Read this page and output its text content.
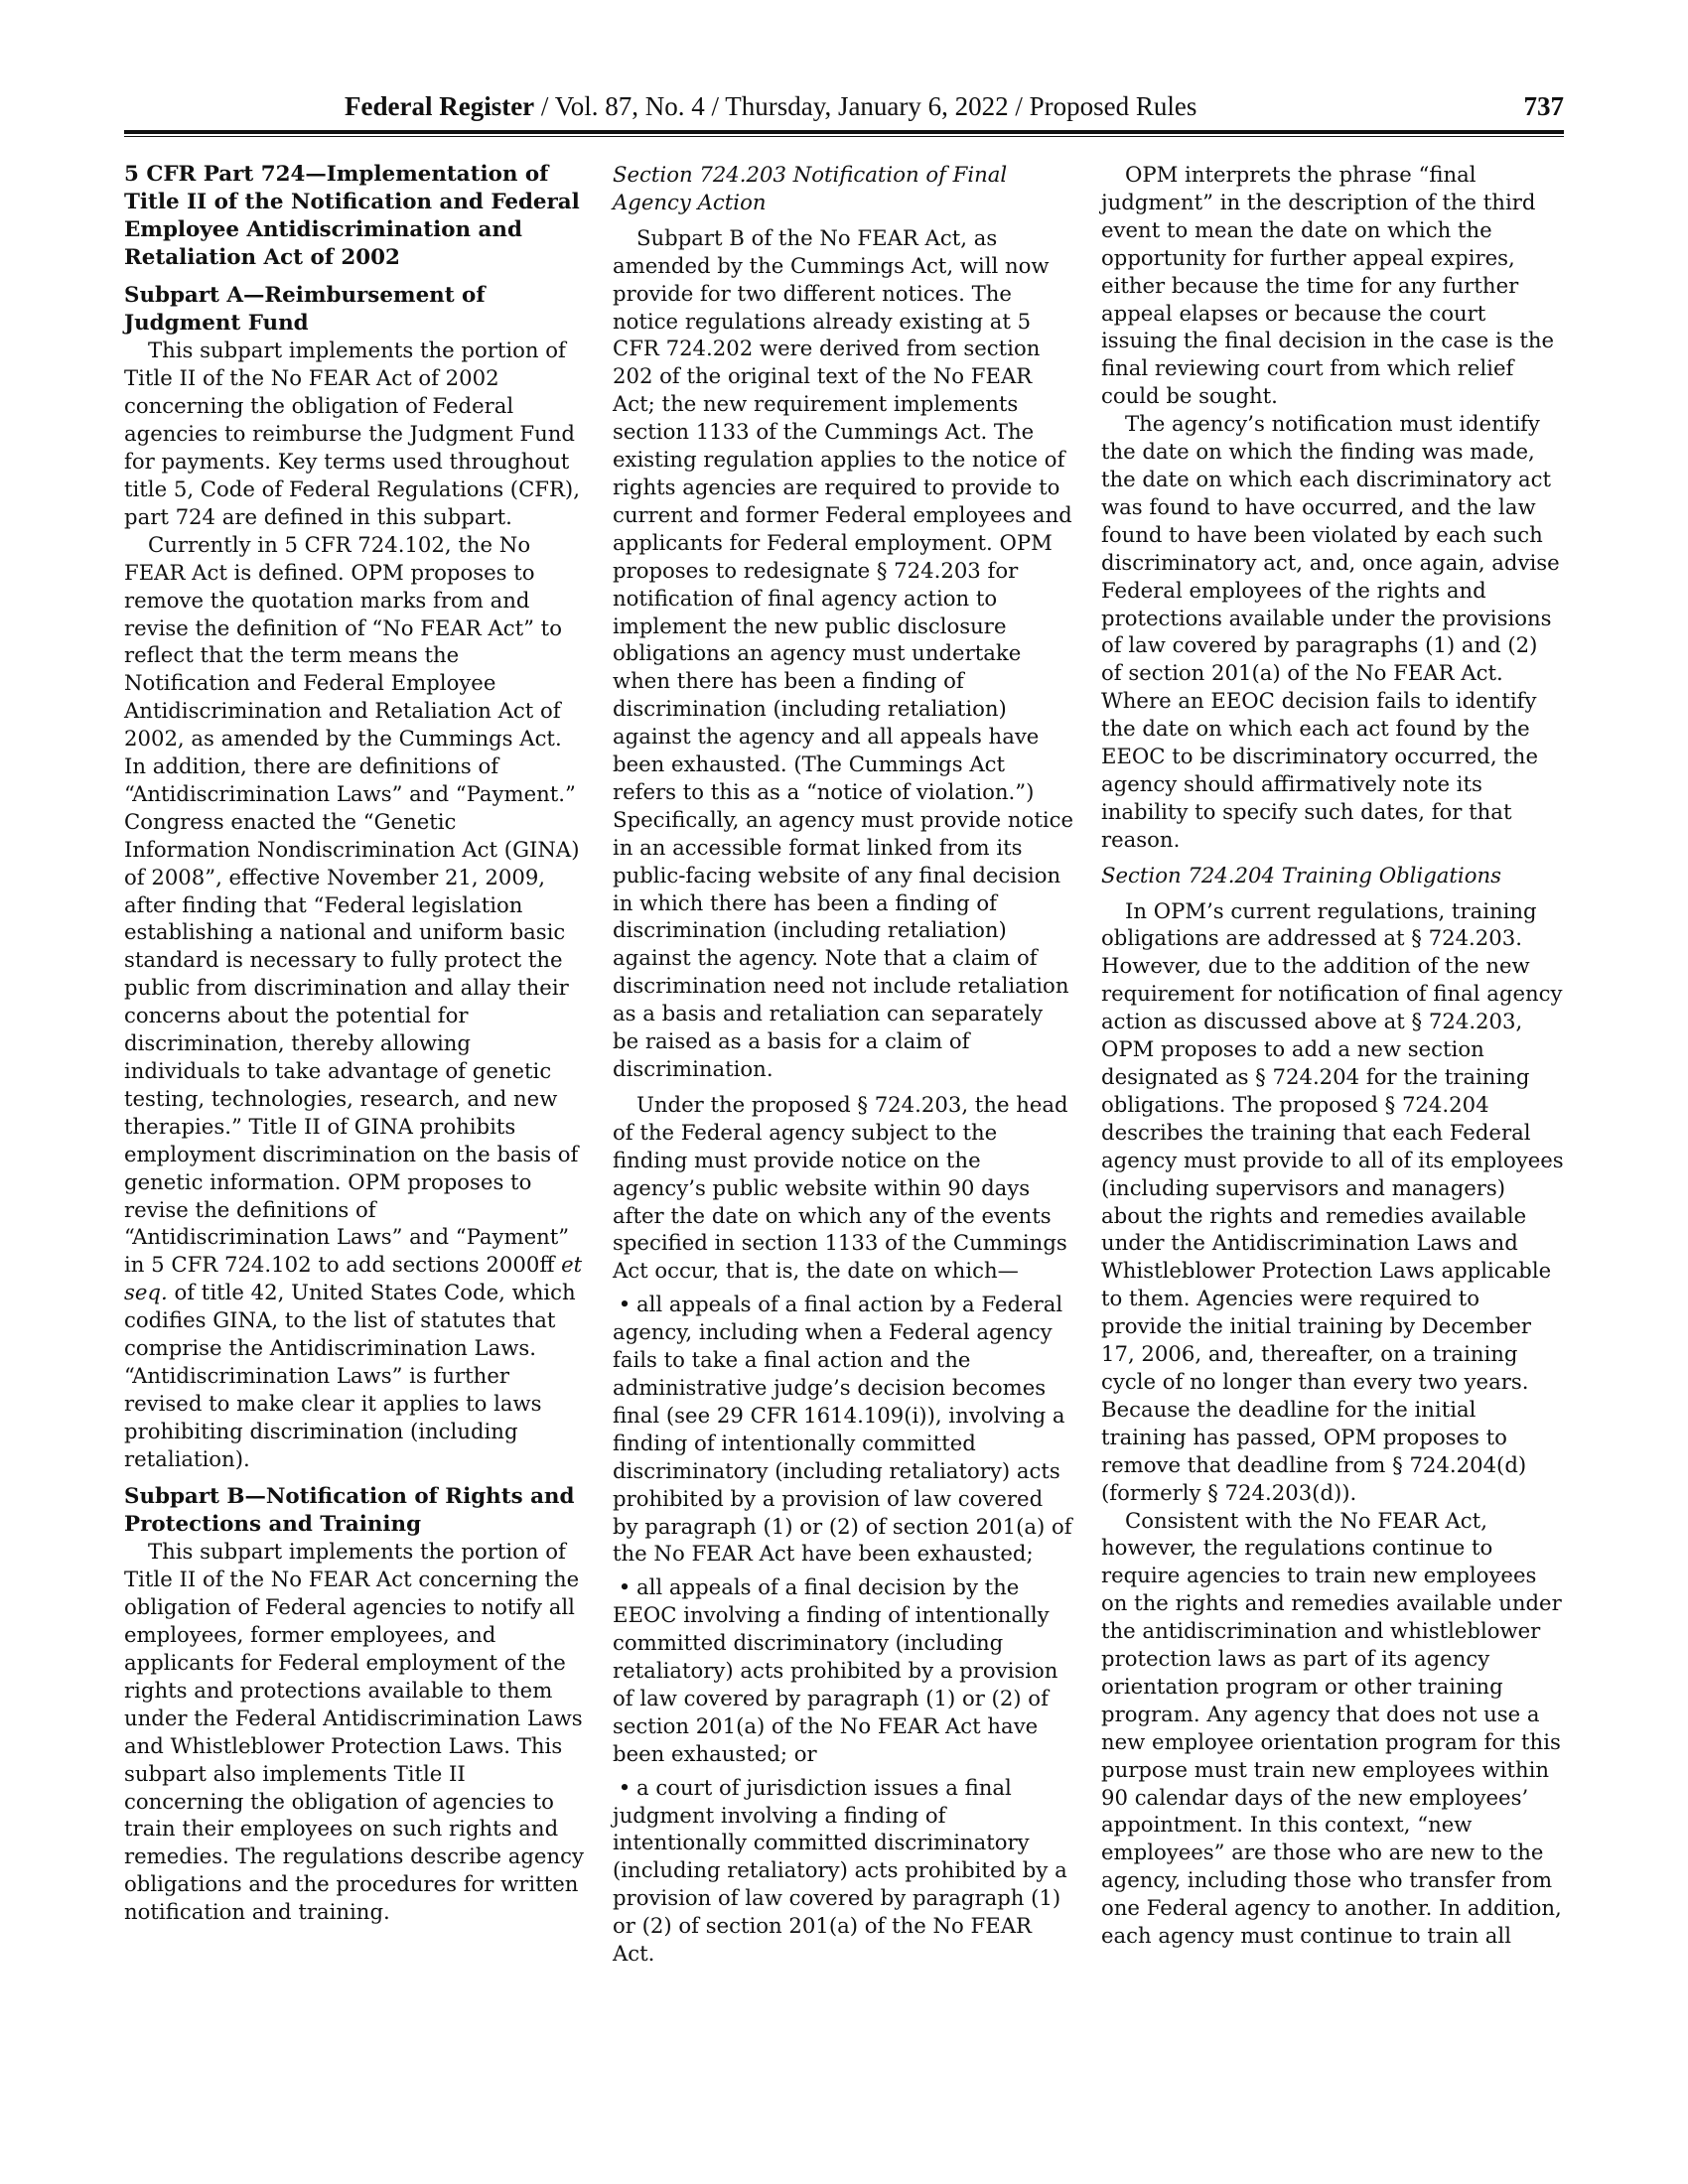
Federal Register / Vol. 87, No. 4 / Thursday, January 6, 2022 / Proposed Rules	737
5 CFR Part 724—Implementation of Title II of the Notification and Federal Employee Antidiscrimination and Retaliation Act of 2002
Subpart A—Reimbursement of Judgment Fund

This subpart implements the portion of Title II of the No FEAR Act of 2002 concerning the obligation of Federal agencies to reimburse the Judgment Fund for payments. Key terms used throughout title 5, Code of Federal Regulations (CFR), part 724 are defined in this subpart.

Currently in 5 CFR 724.102, the No FEAR Act is defined. OPM proposes to remove the quotation marks from and revise the definition of “No FEAR Act” to reflect that the term means the Notification and Federal Employee Antidiscrimination and Retaliation Act of 2002, as amended by the Cummings Act. In addition, there are definitions of “Antidiscrimination Laws” and “Payment.” Congress enacted the “Genetic Information Nondiscrimination Act (GINA) of 2008”, effective November 21, 2009, after finding that “Federal legislation establishing a national and uniform basic standard is necessary to fully protect the public from discrimination and allay their concerns about the potential for discrimination, thereby allowing individuals to take advantage of genetic testing, technologies, research, and new therapies.” Title II of GINA prohibits employment discrimination on the basis of genetic information. OPM proposes to revise the definitions of “Antidiscrimination Laws” and “Payment” in 5 CFR 724.102 to add sections 2000ff et seq. of title 42, United States Code, which codifies GINA, to the list of statutes that comprise the Antidiscrimination Laws. “Antidiscrimination Laws” is further revised to make clear it applies to laws prohibiting discrimination (including retaliation).

Subpart B—Notification of Rights and Protections and Training

This subpart implements the portion of Title II of the No FEAR Act concerning the obligation of Federal agencies to notify all employees, former employees, and applicants for Federal employment of the rights and protections available to them under the Federal Antidiscrimination Laws and Whistleblower Protection Laws. This subpart also implements Title II concerning the obligation of agencies to train their employees on such rights and remedies. The regulations describe agency obligations and the procedures for written notification and training.

Section 724.203 Notification of Final Agency Action

Subpart B of the No FEAR Act, as amended by the Cummings Act, will now provide for two different notices. The notice regulations already existing at 5 CFR 724.202 were derived from section 202 of the original text of the No FEAR Act; the new requirement implements section 1133 of the Cummings Act. The existing regulation applies to the notice of rights agencies are required to provide to current and former Federal employees and applicants for Federal employment. OPM proposes to redesignate § 724.203 for notification of final agency action to implement the new public disclosure obligations an agency must undertake when there has been a finding of discrimination (including retaliation) against the agency and all appeals have been exhausted. (The Cummings Act refers to this as a “notice of violation.”) Specifically, an agency must provide notice in an accessible format linked from its public-facing website of any final decision in which there has been a finding of discrimination (including retaliation) against the agency. Note that a claim of discrimination need not include retaliation as a basis and retaliation can separately be raised as a basis for a claim of discrimination.

Under the proposed § 724.203, the head of the Federal agency subject to the finding must provide notice on the agency’s public website within 90 days after the date on which any of the events specified in section 1133 of the Cummings Act occur, that is, the date on which—

• all appeals of a final action by a Federal agency, including when a Federal agency fails to take a final action and the administrative judge’s decision becomes final (see 29 CFR 1614.109(i)), involving a finding of intentionally committed discriminatory (including retaliatory) acts prohibited by a provision of law covered by paragraph (1) or (2) of section 201(a) of the No FEAR Act have been exhausted;

• all appeals of a final decision by the EEOC involving a finding of intentionally committed discriminatory (including retaliatory) acts prohibited by a provision of law covered by paragraph (1) or (2) of section 201(a) of the No FEAR Act have been exhausted; or

• a court of jurisdiction issues a final judgment involving a finding of intentionally committed discriminatory (including retaliatory) acts prohibited by a provision of law covered by paragraph (1) or (2) of section 201(a) of the No FEAR Act.

OPM interprets the phrase “final judgment” in the description of the third event to mean the date on which the opportunity for further appeal expires, either because the time for any further appeal elapses or because the court issuing the final decision in the case is the final reviewing court from which relief could be sought.

The agency’s notification must identify the date on which the finding was made, the date on which each discriminatory act was found to have occurred, and the law found to have been violated by each such discriminatory act, and, once again, advise Federal employees of the rights and protections available under the provisions of law covered by paragraphs (1) and (2) of section 201(a) of the No FEAR Act. Where an EEOC decision fails to identify the date on which each act found by the EEOC to be discriminatory occurred, the agency should affirmatively note its inability to specify such dates, for that reason.

Section 724.204 Training Obligations

In OPM’s current regulations, training obligations are addressed at § 724.203. However, due to the addition of the new requirement for notification of final agency action as discussed above at § 724.203, OPM proposes to add a new section designated as § 724.204 for the training obligations. The proposed § 724.204 describes the training that each Federal agency must provide to all of its employees (including supervisors and managers) about the rights and remedies available under the Antidiscrimination Laws and Whistleblower Protection Laws applicable to them. Agencies were required to provide the initial training by December 17, 2006, and, thereafter, on a training cycle of no longer than every two years. Because the deadline for the initial training has passed, OPM proposes to remove that deadline from § 724.204(d) (formerly § 724.203(d)).

Consistent with the No FEAR Act, however, the regulations continue to require agencies to train new employees on the rights and remedies available under the antidiscrimination and whistleblower protection laws as part of its agency orientation program or other training program. Any agency that does not use a new employee orientation program for this purpose must train new employees within 90 calendar days of the new employees’ appointment. In this context, “new employees” are those who are new to the agency, including those who transfer from one Federal agency to another. In addition, each agency must continue to train all
